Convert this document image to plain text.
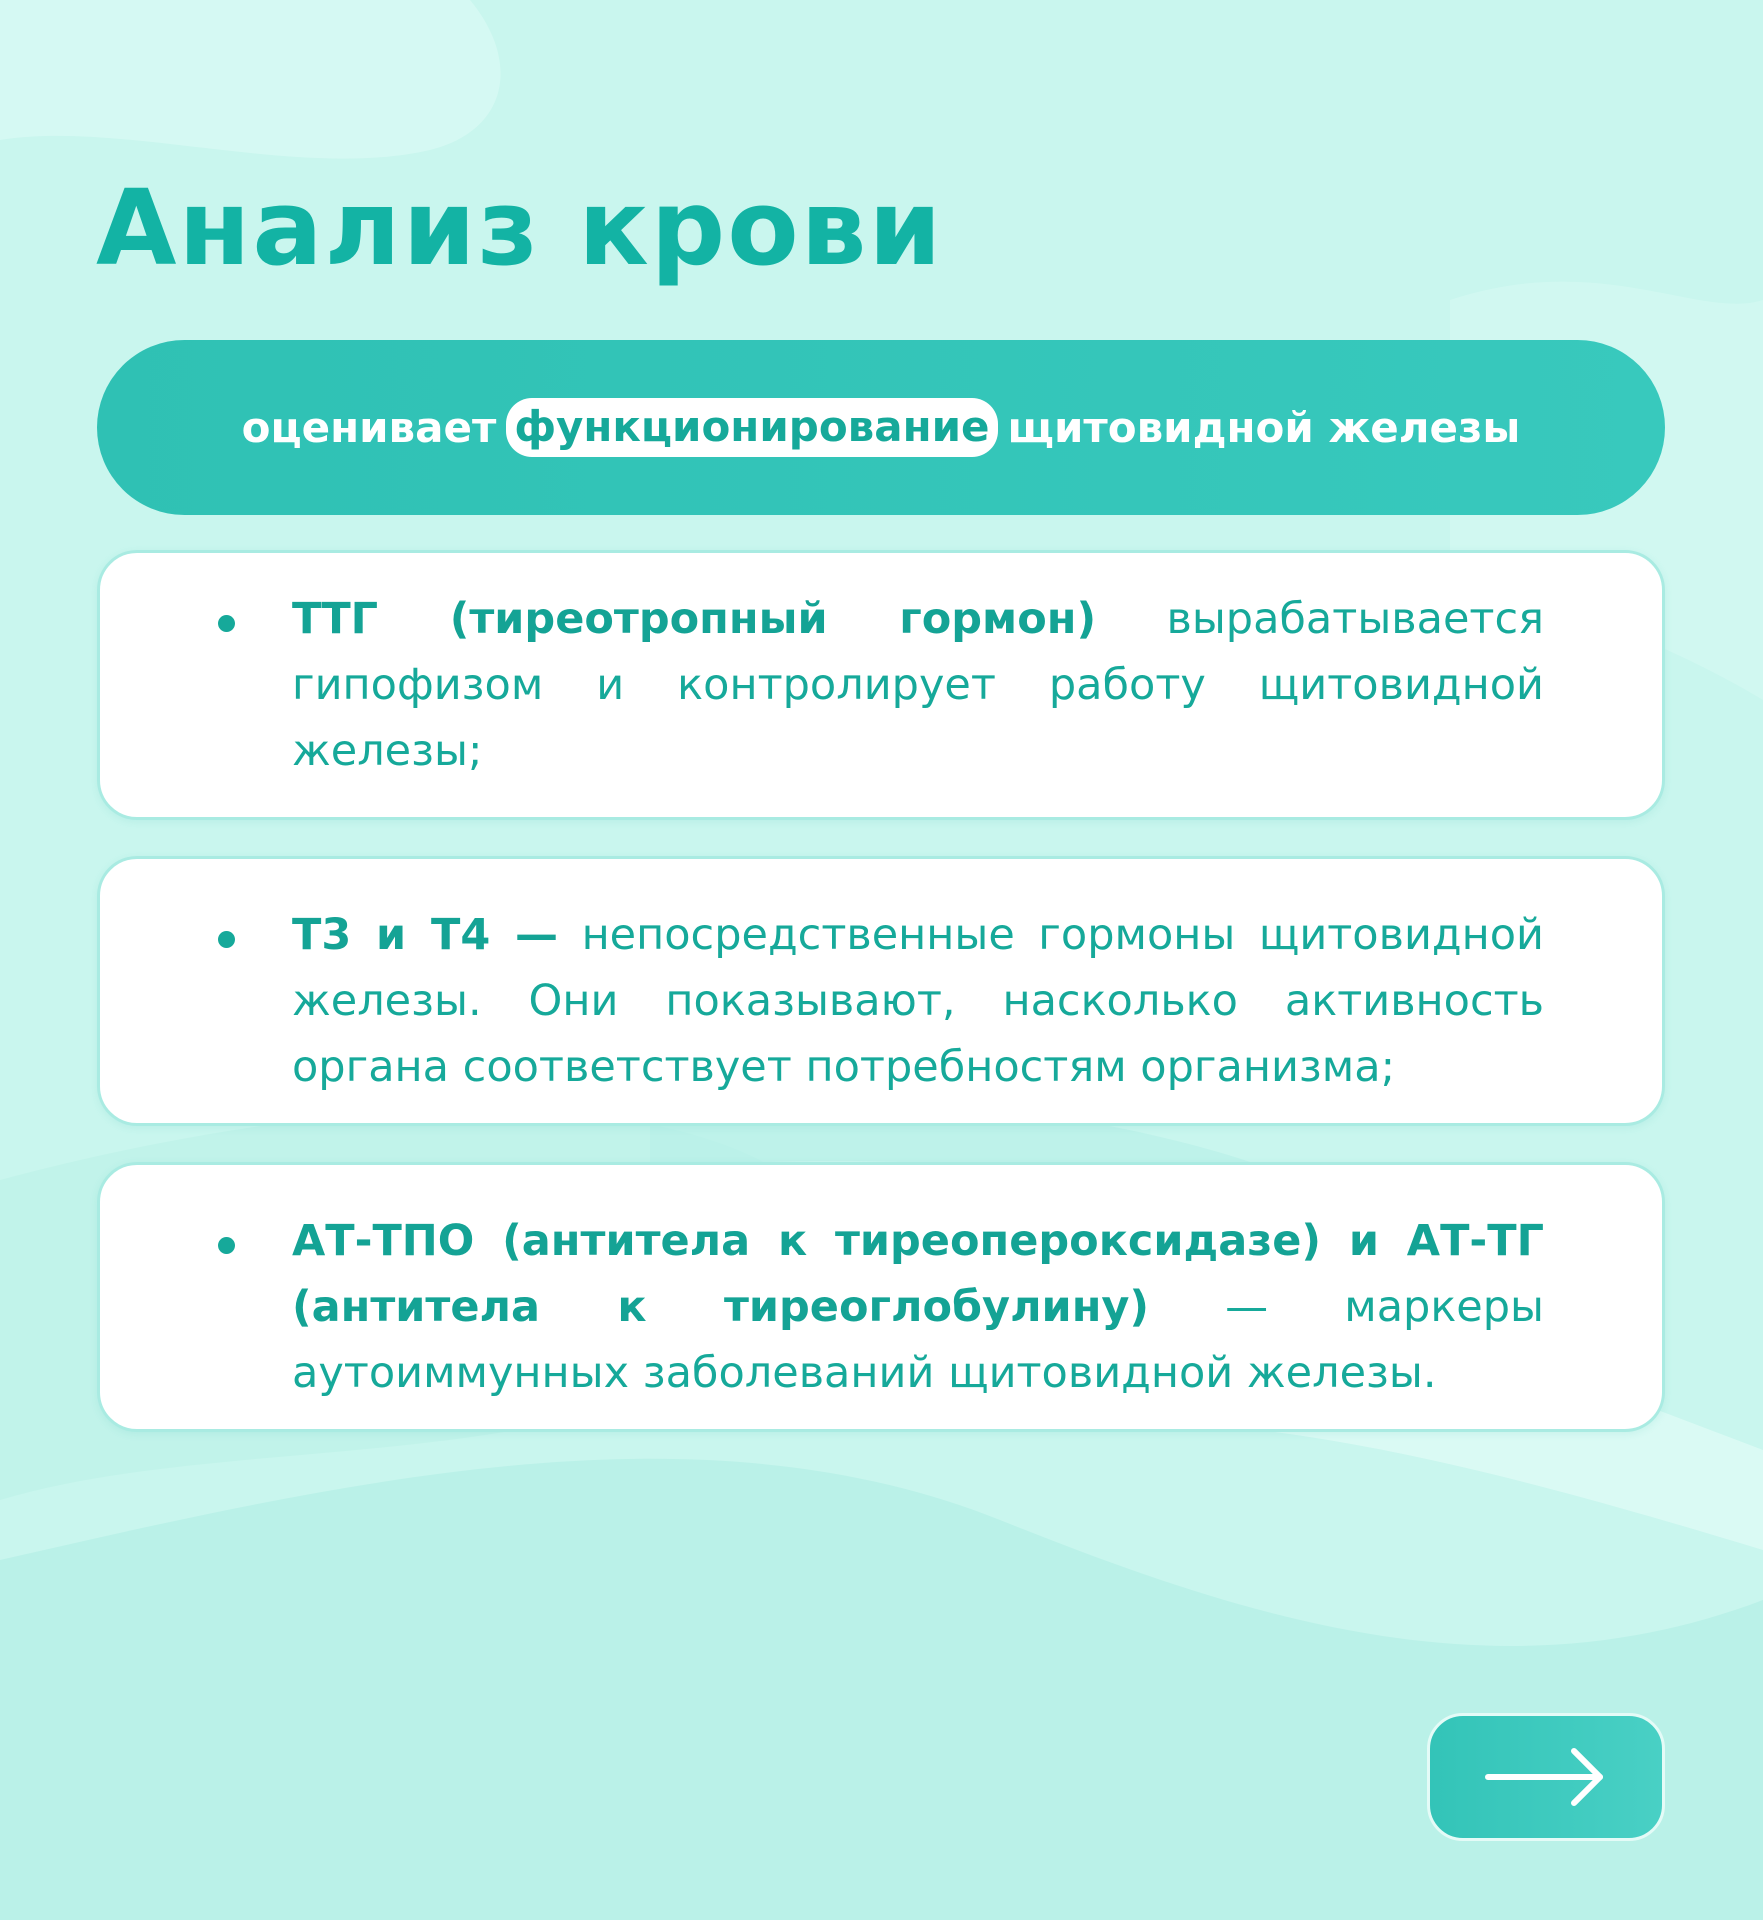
Анализ крови
оценивает функционирование щитовидной железы

ТТГ (тиреотропный гормон) вырабатывается гипофизом и контролирует работу щитовидной железы;

Т3 и Т4 — непосредственные гормоны щитовидной железы. Они показывают, насколько активность органа соответствует потребностям организма;

АТ-ТПО (антитела к тиреопероксидазе) и АТ-ТГ (антитела к тиреоглобулину) — маркеры аутоиммунных заболеваний щитовидной железы.
